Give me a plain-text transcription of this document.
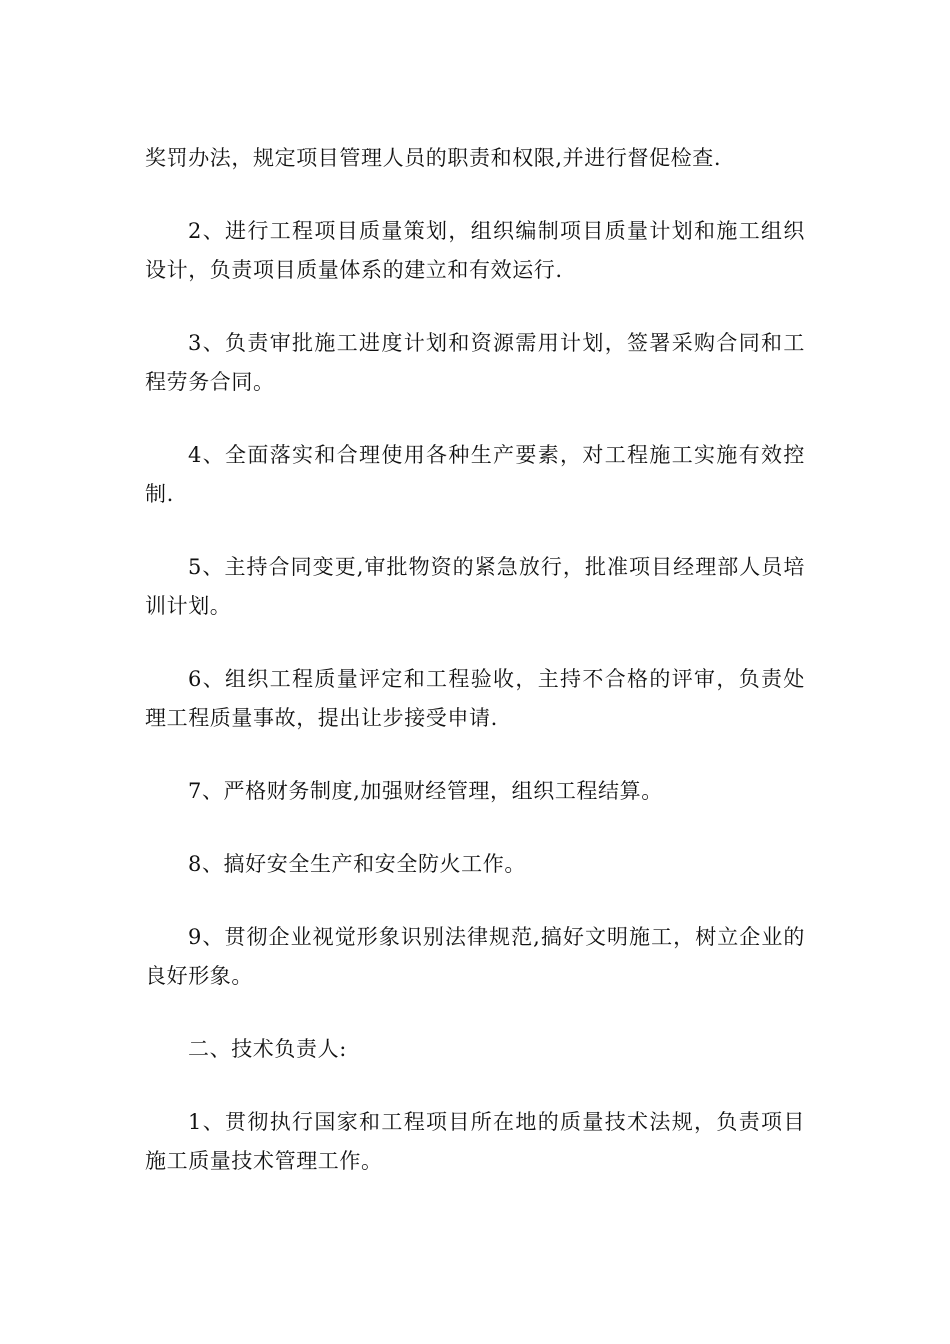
奖罚办法，规定项目管理人员的职责和权限,并进行督促检查.

2、进行工程项目质量策划，组织编制项目质量计划和施工组织设计，负责项目质量体系的建立和有效运行.

3、负责审批施工进度计划和资源需用计划，签署采购合同和工程劳务合同。

4、全面落实和合理使用各种生产要素，对工程施工实施有效控制.

5、主持合同变更,审批物资的紧急放行，批准项目经理部人员培训计划。

6、组织工程质量评定和工程验收，主持不合格的评审，负责处理工程质量事故，提出让步接受申请.

7、严格财务制度,加强财经管理，组织工程结算。

8、搞好安全生产和安全防火工作。

9、贯彻企业视觉形象识别法律规范,搞好文明施工，树立企业的良好形象。

二、技术负责人:

1、贯彻执行国家和工程项目所在地的质量技术法规，负责项目施工质量技术管理工作。
